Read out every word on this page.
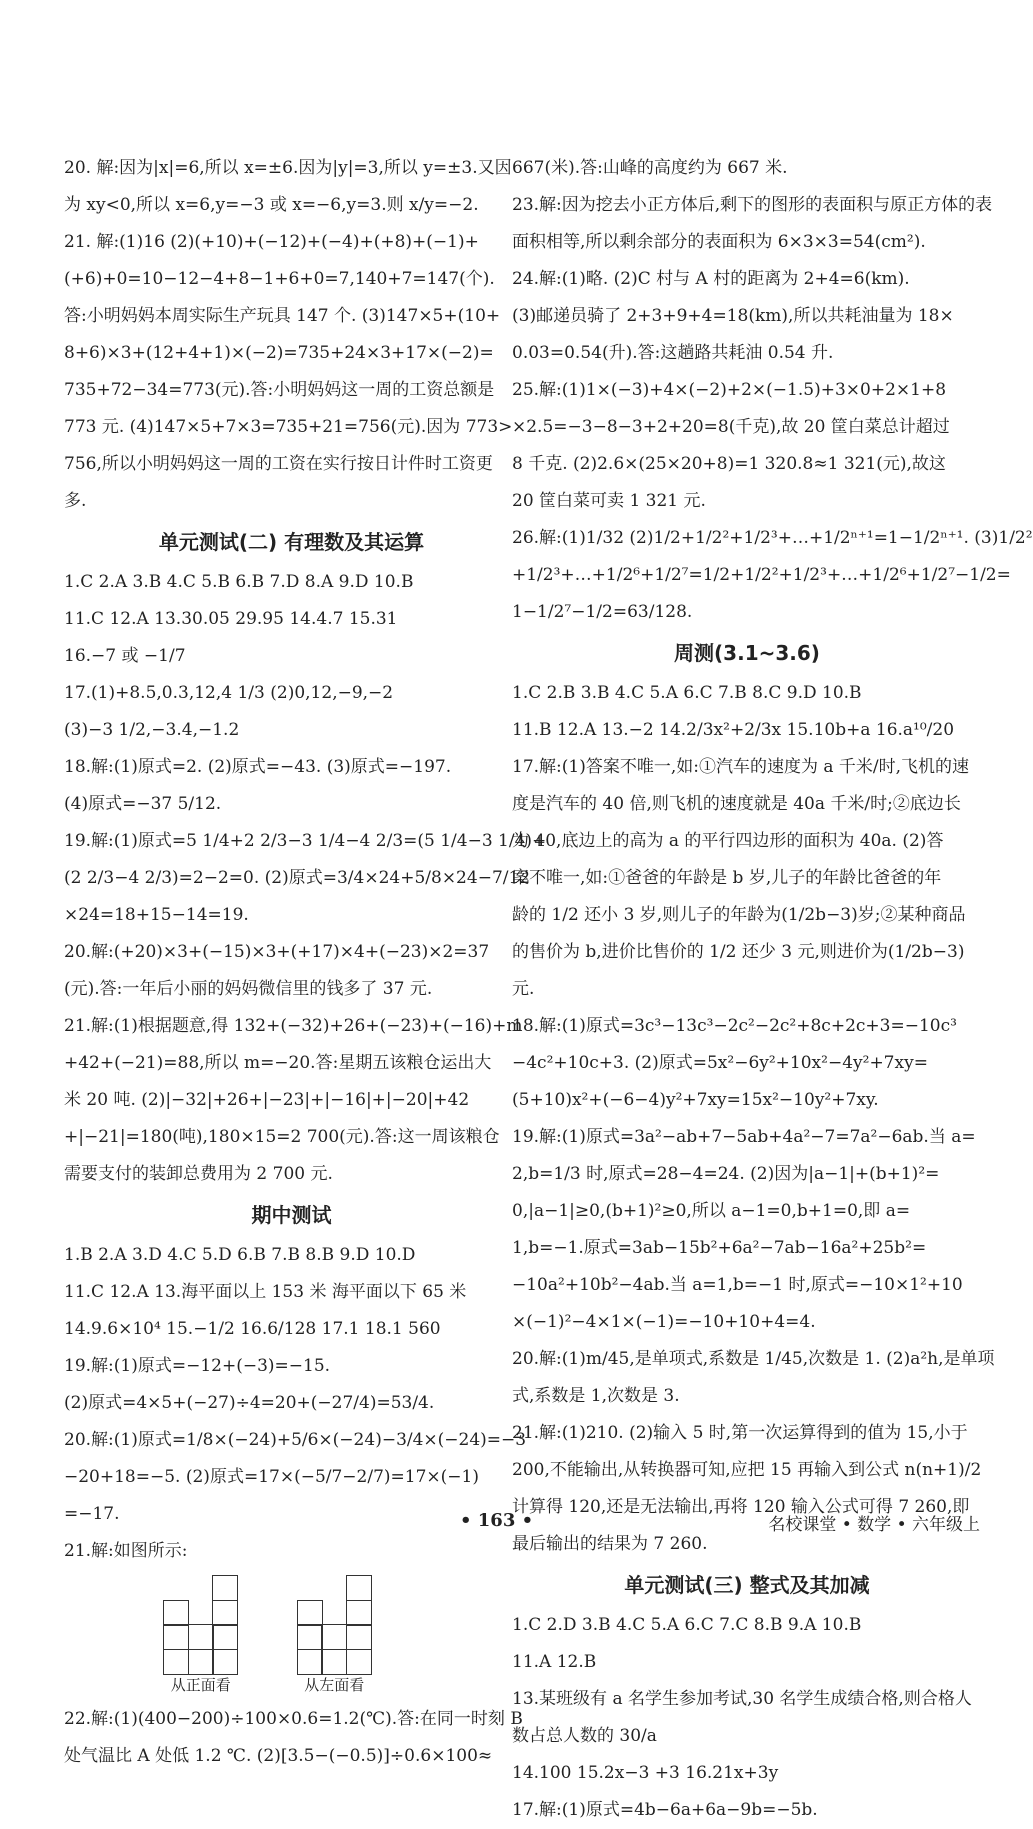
20. 解:因为|x|=6,所以 x=±6.因为|y|=3,所以 y=±3.又因
为 xy<0,所以 x=6,y=−3 或 x=−6,y=3.则 x/y=−2.
21. 解:(1)16 (2)(+10)+(−12)+(−4)+(+8)+(−1)+
(+6)+0=10−12−4+8−1+6+0=7,140+7=147(个).
答:小明妈妈本周实际生产玩具 147 个. (3)147×5+(10+
8+6)×3+(12+4+1)×(−2)=735+24×3+17×(−2)=
735+72−34=773(元).答:小明妈妈这一周的工资总额是
773 元. (4)147×5+7×3=735+21=756(元).因为 773>
756,所以小明妈妈这一周的工资在实行按日计件时工资更
多.
单元测试(二) 有理数及其运算
1.C 2.A 3.B 4.C 5.B 6.B 7.D 8.A 9.D 10.B
11.C 12.A 13.30.05 29.95 14.4.7 15.31
16.−7 或 −1/7
17.(1)+8.5,0.3,12,4 1/3 (2)0,12,−9,−2
(3)−3 1/2,−3.4,−1.2
18.解:(1)原式=2. (2)原式=−43. (3)原式=−197.
(4)原式=−37 5/12.
19.解:(1)原式=5 1/4+2 2/3−3 1/4−4 2/3=(5 1/4−3 1/4)+
(2 2/3−4 2/3)=2−2=0. (2)原式=3/4×24+5/8×24−7/12
×24=18+15−14=19.
20.解:(+20)×3+(−15)×3+(+17)×4+(−23)×2=37
(元).答:一年后小丽的妈妈微信里的钱多了 37 元.
21.解:(1)根据题意,得 132+(−32)+26+(−23)+(−16)+m
+42+(−21)=88,所以 m=−20.答:星期五该粮仓运出大
米 20 吨. (2)|−32|+26+|−23|+|−16|+|−20|+42
+|−21|=180(吨),180×15=2 700(元).答:这一周该粮仓
需要支付的装卸总费用为 2 700 元.
期中测试
1.B 2.A 3.D 4.C 5.D 6.B 7.B 8.B 9.D 10.D
11.C 12.A 13.海平面以上 153 米 海平面以下 65 米
14.9.6×10⁴ 15.−1/2 16.6/128 17.1 18.1 560
19.解:(1)原式=−12+(−3)=−15.
(2)原式=4×5+(−27)÷4=20+(−27/4)=53/4.
20.解:(1)原式=1/8×(−24)+5/6×(−24)−3/4×(−24)=−3
−20+18=−5. (2)原式=17×(−5/7−2/7)=17×(−1)
=−17.
21.解:如图所示:
从正面看	从左面看
22.解:(1)(400−200)÷100×0.6=1.2(℃).答:在同一时刻 B
处气温比 A 处低 1.2 ℃. (2)[3.5−(−0.5)]÷0.6×100≈
667(米).答:山峰的高度约为 667 米.
23.解:因为挖去小正方体后,剩下的图形的表面积与原正方体的表
面积相等,所以剩余部分的表面积为 6×3×3=54(cm²).
24.解:(1)略. (2)C 村与 A 村的距离为 2+4=6(km).
(3)邮递员骑了 2+3+9+4=18(km),所以共耗油量为 18×
0.03=0.54(升).答:这趟路共耗油 0.54 升.
25.解:(1)1×(−3)+4×(−2)+2×(−1.5)+3×0+2×1+8
×2.5=−3−8−3+2+20=8(千克),故 20 筐白菜总计超过
8 千克. (2)2.6×(25×20+8)=1 320.8≈1 321(元),故这
20 筐白菜可卖 1 321 元.
26.解:(1)1/32 (2)1/2+1/2²+1/2³+…+1/2ⁿ⁺¹=1−1/2ⁿ⁺¹. (3)1/2²
+1/2³+…+1/2⁶+1/2⁷=1/2+1/2²+1/2³+…+1/2⁶+1/2⁷−1/2=
1−1/2⁷−1/2=63/128.
周测(3.1~3.6)
1.C 2.B 3.B 4.C 5.A 6.C 7.B 8.C 9.D 10.B
11.B 12.A 13.−2 14.2/3x²+2/3x 15.10b+a 16.a¹⁰/20
17.解:(1)答案不唯一,如:①汽车的速度为 a 千米/时,飞机的速
度是汽车的 40 倍,则飞机的速度就是 40a 千米/时;②底边长
为 40,底边上的高为 a 的平行四边形的面积为 40a. (2)答
案不唯一,如:①爸爸的年龄是 b 岁,儿子的年龄比爸爸的年
龄的 1/2 还小 3 岁,则儿子的年龄为(1/2b−3)岁;②某种商品
的售价为 b,进价比售价的 1/2 还少 3 元,则进价为(1/2b−3)
元.
18.解:(1)原式=3c³−13c³−2c²−2c²+8c+2c+3=−10c³
−4c²+10c+3. (2)原式=5x²−6y²+10x²−4y²+7xy=
(5+10)x²+(−6−4)y²+7xy=15x²−10y²+7xy.
19.解:(1)原式=3a²−ab+7−5ab+4a²−7=7a²−6ab.当 a=
2,b=1/3 时,原式=28−4=24. (2)因为|a−1|+(b+1)²=
0,|a−1|≥0,(b+1)²≥0,所以 a−1=0,b+1=0,即 a=
1,b=−1.原式=3ab−15b²+6a²−7ab−16a²+25b²=
−10a²+10b²−4ab.当 a=1,b=−1 时,原式=−10×1²+10
×(−1)²−4×1×(−1)=−10+10+4=4.
20.解:(1)m/45,是单项式,系数是 1/45,次数是 1. (2)a²h,是单项
式,系数是 1,次数是 3.
21.解:(1)210. (2)输入 5 时,第一次运算得到的值为 15,小于
200,不能输出,从转换器可知,应把 15 再输入到公式 n(n+1)/2
计算得 120,还是无法输出,再将 120 输入公式可得 7 260,即
最后输出的结果为 7 260.
单元测试(三) 整式及其加减
1.C 2.D 3.B 4.C 5.A 6.C 7.C 8.B 9.A 10.B
11.A 12.B
13.某班级有 a 名学生参加考试,30 名学生成绩合格,则合格人
数占总人数的 30/a
14.100 15.2x−3 +3 16.21x+3y
17.解:(1)原式=4b−6a+6a−9b=−5b.
• 163 •	名校课堂 • 数学 • 六年级上
